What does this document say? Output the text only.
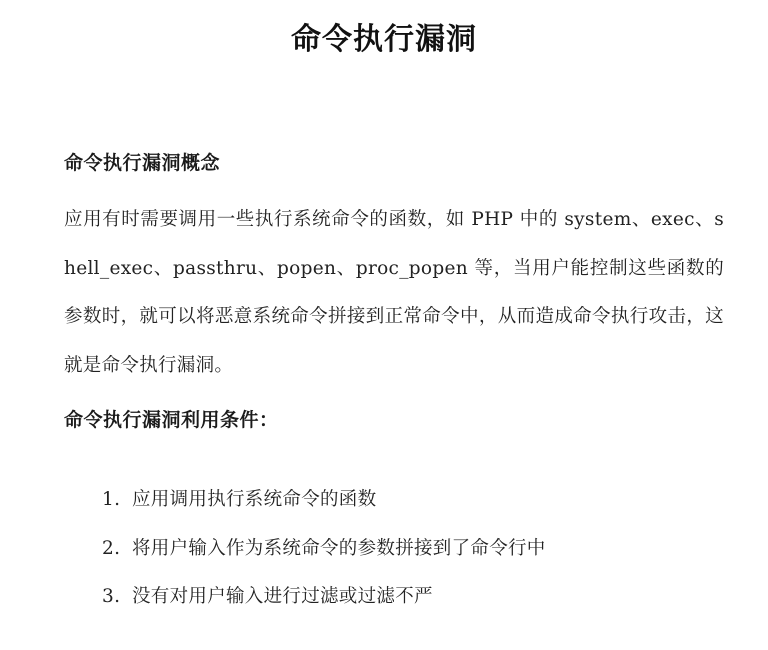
命令执行漏洞
命令执行漏洞概念
应用有时需要调用一些执行系统命令的函数，如 PHP 中的 system、exec、shell_exec、passthru、popen、proc_popen 等，当用户能控制这些函数的参数时，就可以将恶意系统命令拼接到正常命令中，从而造成命令执行攻击，这就是命令执行漏洞。
命令执行漏洞利用条件：
1. 应用调用执行系统命令的函数
2. 将用户输入作为系统命令的参数拼接到了命令行中
3. 没有对用户输入进行过滤或过滤不严
